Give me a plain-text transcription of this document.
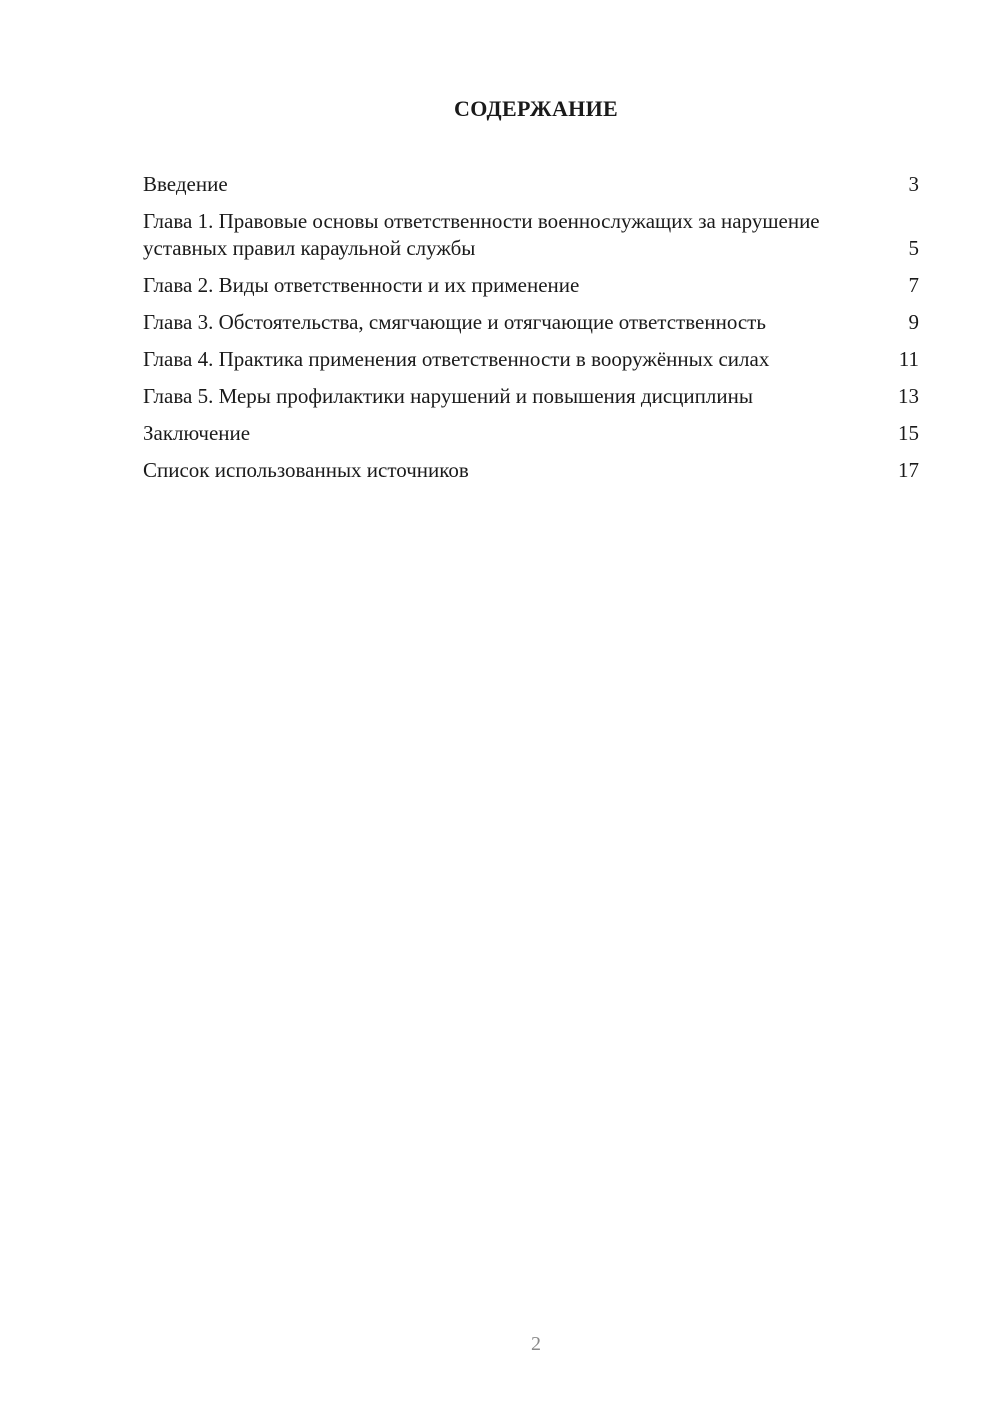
СОДЕРЖАНИЕ
Введение	3
Глава 1. Правовые основы ответственности военнослужащих за нарушение уставных правил караульной службы	5
Глава 2. Виды ответственности и их применение	7
Глава 3. Обстоятельства, смягчающие и отягчающие ответственность	9
Глава 4. Практика применения ответственности в вооружённых силах	11
Глава 5. Меры профилактики нарушений и повышения дисциплины	13
Заключение	15
Список использованных источников	17
2
